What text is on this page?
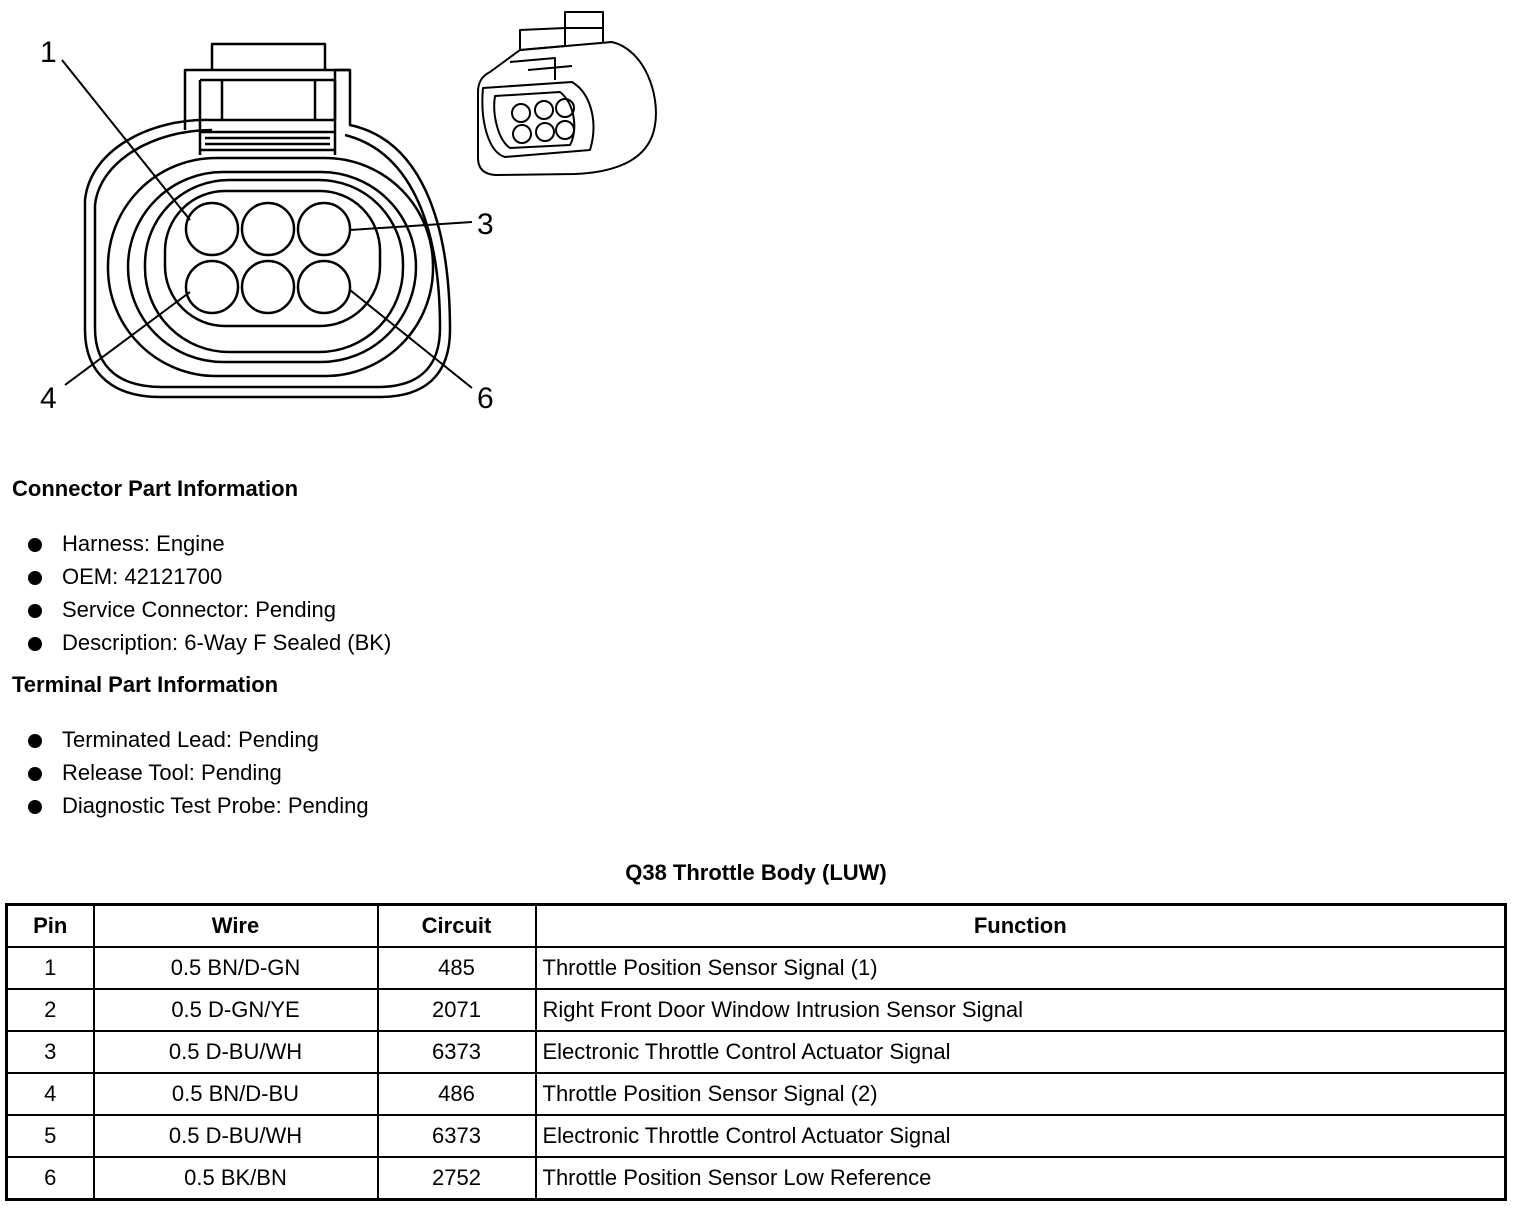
1
3
4	6
Connector Part Information
Harness: Engine
OEM: 42121700
Service Connector: Pending
Description: 6-Way F Sealed (BK)
Terminal Part Information
Terminated Lead: Pending
Release Tool: Pending
Diagnostic Test Probe: Pending
Q38 Throttle Body (LUW)
Pin	Wire	Circuit	Function
1	0.5 BN/D-GN	485	Throttle Position Sensor Signal (1)
2	0.5 D-GN/YE	2071	Right Front Door Window Intrusion Sensor Signal
3	0.5 D-BU/WH	6373	Electronic Throttle Control Actuator Signal
4	0.5 BN/D-BU	486	Throttle Position Sensor Signal (2)
5	0.5 D-BU/WH	6373	Electronic Throttle Control Actuator Signal
6	0.5 BK/BN	2752	Throttle Position Sensor Low Reference
